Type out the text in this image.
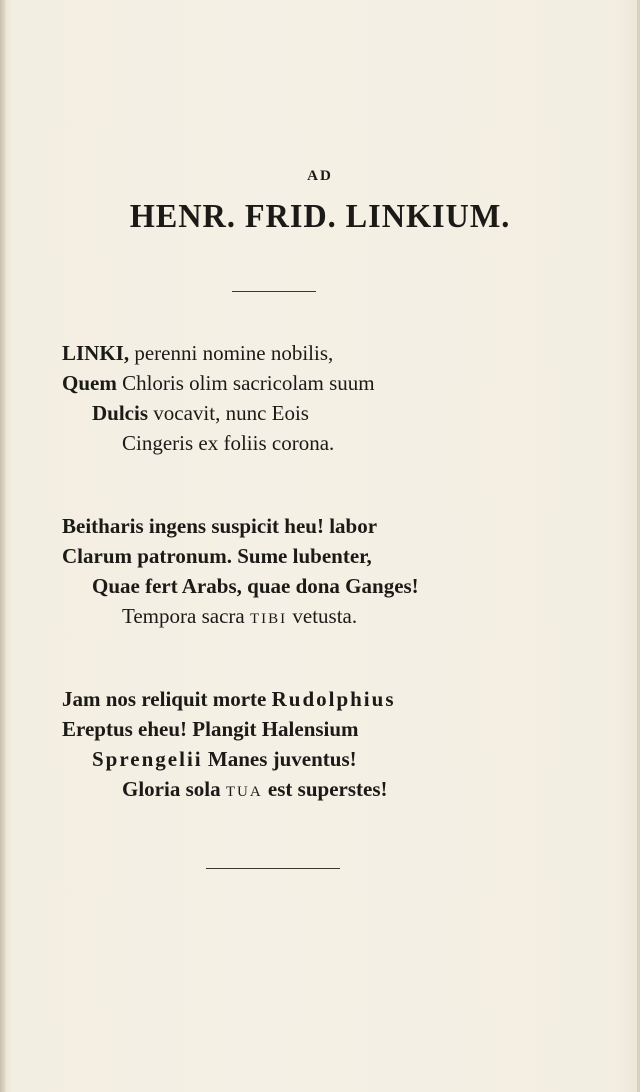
AD
HENR. FRID. LINKIUM.
LINKI, perenni nomine nobilis,
Quem Chloris olim sacricolam suum
Dulcis vocavit, nunc Eois
Cingeris ex foliis corona.
Beitharis ingens suspicit heu! labor
Clarum patronum. Sume lubenter,
Quae fert Arabs, quae dona Ganges!
Tempora sacra TIBI vetusta.
Jam nos reliquit morte Rudolphius
Ereptus eheu! Plangit Halensium
Sprengelii Manes juventus!
Gloria sola TUA est superstes!
